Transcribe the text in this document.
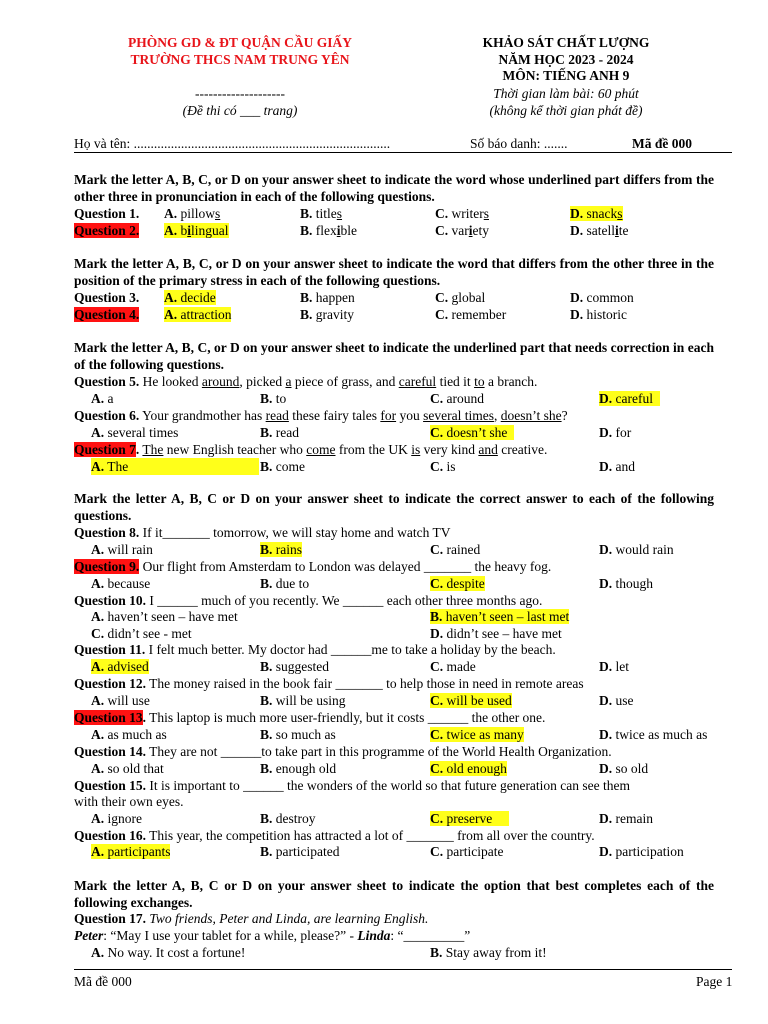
PHÒNG GD & ĐT QUẬN CẦU GIẤY
TRƯỜNG THCS NAM TRUNG YÊN
--------------------
(Đề thi có ___ trang)
KHẢO SÁT CHẤT LƯỢNG
NĂM HỌC 2023 - 2024
MÔN: TIẾNG ANH 9
Thời gian làm bài: 60 phút
(không kể thời gian phát đề)
Họ và tên: ............................................................................	Số báo danh: .......	Mã đề 000
Mark the letter A, B, C, or D on your answer sheet to indicate the word whose underlined part differs from the other three in pronunciation in each of the following questions.
Question 1. A. pillows	B. titles	C. writers	D. snacks
Question 2. A. bilingual	B. flexible	C. variety	D. satellite
Mark the letter A, B, C, or D on your answer sheet to indicate the word that differs from the other three in the position of the primary stress in each of the following questions.
Question 3. A. decide	B. happen	C. global	D. common
Question 4. A. attraction	B. gravity	C. remember	D. historic
Mark the letter A, B, C, or D on your answer sheet to indicate the underlined part that needs correction in each of the following questions.
Question 5. He looked around, picked a piece of grass, and careful tied it to a branch.
A. a	B. to	C. around	D. careful
Question 6. Your grandmother has read these fairy tales for you several times, doesn’t she?
A. several times	B. read	C. doesn’t she	D. for
Question 7. The new English teacher who come from the UK is very kind and creative.
A. The	B. come	C. is	D. and
Mark the letter A, B, C or D on your answer sheet to indicate the correct answer to each of the following questions.
Question 8. If it_______ tomorrow, we will stay home and watch TV
A. will rain	B. rains	C. rained	D. would rain
Question 9. Our flight from Amsterdam to London was delayed _______ the heavy fog.
A. because	B. due to	C. despite	D. though
Question 10. I ______ much of you recently. We ______ each other three months ago.
A. haven’t seen – have met	B. haven’t seen – last met
C. didn’t see - met	D. didn’t see – have met
Question 11. I felt much better. My doctor had ______me to take a holiday by the beach.
A. advised	B. suggested	C. made	D. let
Question 12. The money raised in the book fair _______ to help those in need in remote areas
A. will use	B. will be using	C. will be used	D. use
Question 13. This laptop is much more user-friendly, but it costs ______ the other one.
A. as much as	B. so much as	C. twice as many	D. twice as much as
Question 14. They are not ______to take part in this programme of the World Health Organization.
A. so old that	B. enough old	C. old enough	D. so old
Question 15. It is important to ______ the wonders of the world so that future generation can see them
with their own eyes.
A. ignore	B. destroy	C. preserve	D. remain
Question 16. This year, the competition has attracted a lot of _______ from all over the country.
A. participants	B. participated	C. participate	D. participation
Mark the letter A, B, C or D on your answer sheet to indicate the option that best completes each of the following exchanges.
Question 17. Two friends, Peter and Linda, are learning English.
Peter: “May I use your tablet for a while, please?” - Linda: “_________”
A. No way. It cost a fortune!	B. Stay away from it!
Mã đề 000	Page 1
